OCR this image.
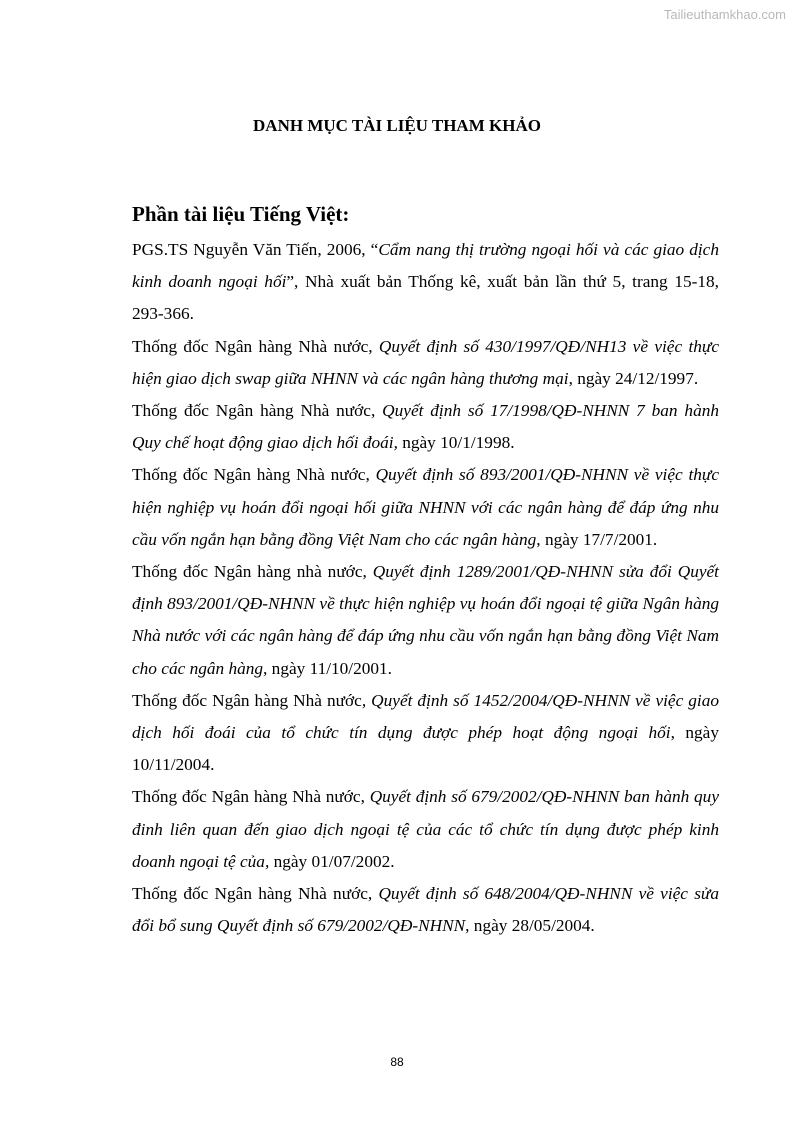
Tailieuthamkhao.com
DANH MỤC TÀI LIỆU THAM KHẢO
Phần tài liệu Tiếng Việt:

PGS.TS Nguyễn Văn Tiến, 2006, “Cẩm nang thị trường ngoại hối và các giao dịch kinh doanh ngoại hối”, Nhà xuất bản Thống kê, xuất bản lần thứ 5, trang 15-18, 293-366.

Thống đốc Ngân hàng Nhà nước, Quyết định số 430/1997/QĐ/NH13 về việc thực hiện giao dịch swap giữa NHNN và các ngân hàng thương mại, ngày 24/12/1997.

Thống đốc Ngân hàng Nhà nước, Quyết định số 17/1998/QĐ-NHNN 7 ban hành Quy chế hoạt động giao dịch hối đoái, ngày 10/1/1998.

Thống đốc Ngân hàng Nhà nước, Quyết định số 893/2001/QĐ-NHNN về việc thực hiện nghiệp vụ hoán đổi ngoại hối giữa NHNN với các ngân hàng để đáp ứng nhu cầu vốn ngắn hạn bằng đồng Việt Nam cho các ngân hàng, ngày 17/7/2001.

Thống đốc Ngân hàng nhà nước, Quyết định 1289/2001/QĐ-NHNN sửa đổi Quyết định 893/2001/QĐ-NHNN về thực hiện nghiệp vụ hoán đổi ngoại tệ giữa Ngân hàng Nhà nước với các ngân hàng để đáp ứng nhu cầu vốn ngắn hạn bằng đồng Việt Nam cho các ngân hàng, ngày 11/10/2001.

Thống đốc Ngân hàng Nhà nước, Quyết định số 1452/2004/QĐ-NHNN về việc giao dịch hối đoái của tổ chức tín dụng được phép hoạt động ngoại hối, ngày 10/11/2004.

Thống đốc Ngân hàng Nhà nước, Quyết định số 679/2002/QĐ-NHNN ban hành quy đinh liên quan đến giao dịch ngoại tệ của các tổ chức tín dụng được phép kinh doanh ngoại tệ của, ngày 01/07/2002.

Thống đốc Ngân hàng Nhà nước, Quyết định số 648/2004/QĐ-NHNN về việc sửa đổi bổ sung Quyết định số 679/2002/QĐ-NHNN, ngày 28/05/2004.

88
